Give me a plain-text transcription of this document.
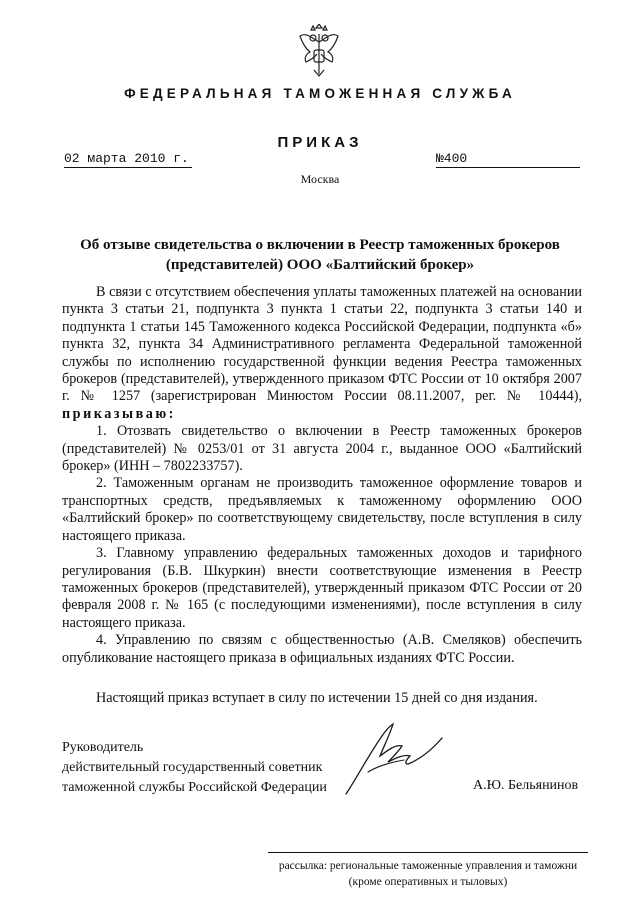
ФЕДЕРАЛЬНАЯ ТАМОЖЕННАЯ СЛУЖБА
ПРИКАЗ
02 марта 2010 г.	№400
Москва
Об отзыве свидетельства о включении в Реестр таможенных брокеров
(представителей) ООО «Балтийский брокер»

В связи с отсутствием обеспечения уплаты таможенных платежей на основании пункта 3 статьи 21, подпункта 3 пункта 1 статьи 22, подпункта 3 статьи 140 и подпункта 1 статьи 145 Таможенного кодекса Российской Федерации, подпункта «б» пункта 32, пункта 34 Административного регламента Федеральной таможенной службы по исполнению государственной функции ведения Реестра таможенных брокеров (представителей), утвержденного приказом ФТС России от 10 октября 2007 г. № 1257 (зарегистрирован Минюстом России 08.11.2007, рег. № 10444), приказываю:

1. Отозвать свидетельство о включении в Реестр таможенных брокеров (представителей) № 0253/01 от 31 августа 2004 г., выданное ООО «Балтийский брокер» (ИНН – 7802233757).

2. Таможенным органам не производить таможенное оформление товаров и транспортных средств, предъявляемых к таможенному оформлению ООО «Балтийский брокер» по соответствующему свидетельству, после вступления в силу настоящего приказа.

3. Главному управлению федеральных таможенных доходов и тарифного регулирования (Б.В. Шкуркин) внести соответствующие изменения в Реестр таможенных брокеров (представителей), утвержденный приказом ФТС России от 20 февраля 2008 г. № 165 (с последующими изменениями), после вступления в силу настоящего приказа.

4. Управлению по связям с общественностью (А.В. Смеляков) обеспечить опубликование настоящего приказа в официальных изданиях ФТС России.

Настоящий приказ вступает в силу по истечении 15 дней со дня издания.
Руководитель
действительный государственный советник
таможенной службы Российской Федерации	А.Ю. Бельянинов
рассылка: региональные таможенные управления и таможни
(кроме оперативных и тыловых)
